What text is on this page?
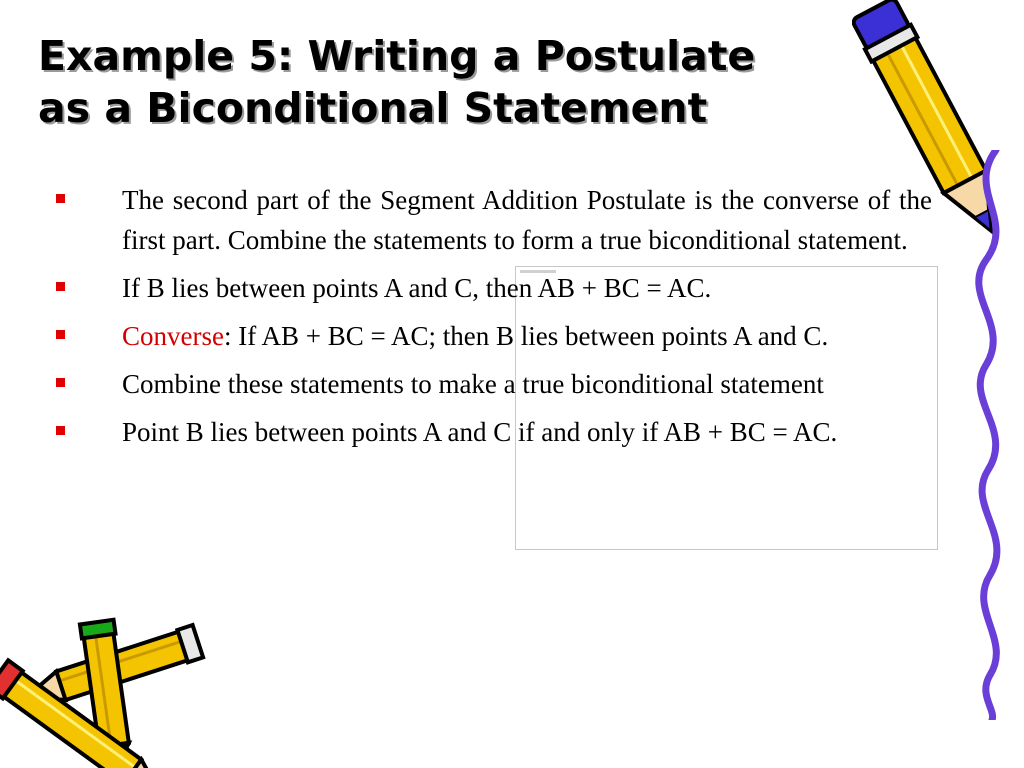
Example 5: Writing a Postulate
as a Biconditional Statement
The second part of the Segment Addition Postulate is the converse of the first part. Combine the statements to form a true biconditional statement.
If B lies between points A and C, then AB + BC = AC.
Converse: If AB + BC = AC; then B lies between points A and C.
Combine these statements to make a true biconditional statement
Point B lies between points A and C if and only if AB + BC = AC.
